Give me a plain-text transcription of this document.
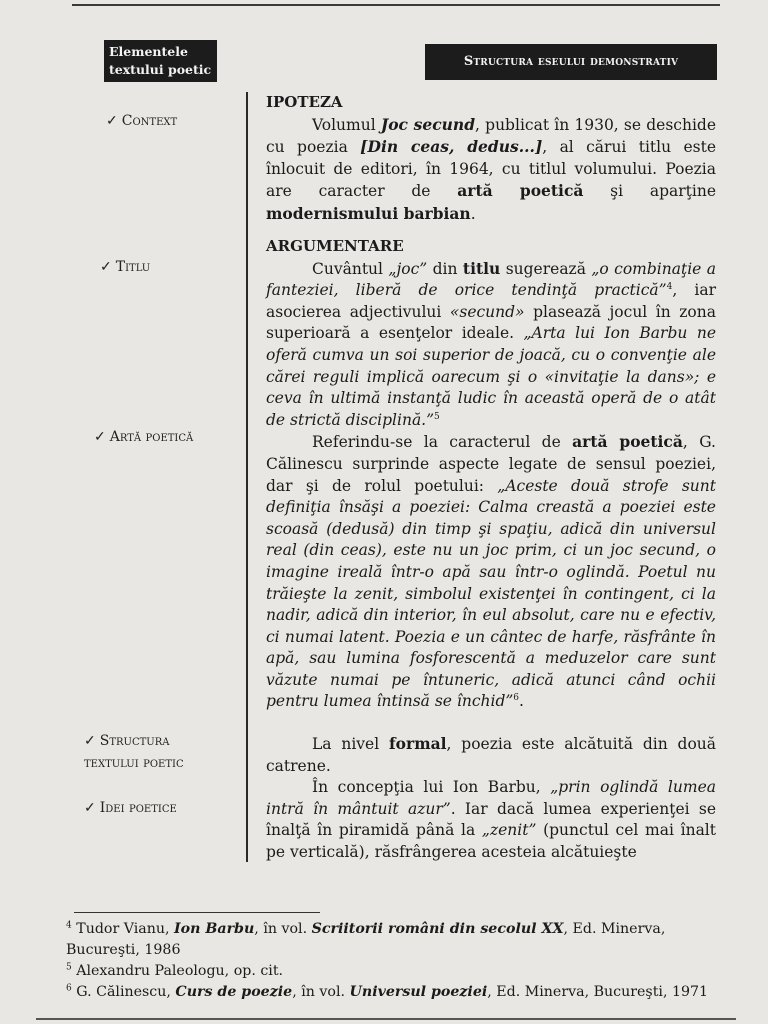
Elementele
textului poetic
Structura eseului demonstrativ
✓ Context
✓ Titlu
✓ Artă poetică
✓ Structura
textului poetic
✓ Idei poetice
IPOTEZA

Volumul Joc secund, publicat în 1930, se deschide cu poezia [Din ceas, dedus...], al cărui titlu este înlocuit de editori, în 1964, cu titlul volumului. Poezia are caracter de artă poetică şi aparţine modernismului barbian.

ARGUMENTARE

Cuvântul „joc” din titlu sugerează „o combinaţie a fanteziei, liberă de orice tendinţă practică”$^4$, iar asocierea adjectivului «secund» plasează jocul în zona superioară a esenţelor ideale. „Arta lui Ion Barbu ne oferă cumva un soi superior de joacă, cu o convenţie ale cărei reguli implică oarecum şi o «invitaţie la dans»; e ceva în ultimă instanţă ludic în această operă de o atât de strictă disciplină.”$^5$

Referindu-se la caracterul de artă poetică, G. Călinescu surprinde aspecte legate de sensul poeziei, dar şi de rolul poetului: „Aceste două strofe sunt definiţia însăşi a poeziei: Calma creastă a poeziei este scoasă (dedusă) din timp şi spaţiu, adică din universul real (din ceas), este nu un joc prim, ci un joc secund, o imagine ireală într-o apă sau într-o oglindă. Poetul nu trăieşte la zenit, simbolul existenţei în contingent, ci la nadir, adică din interior, în eul absolut, care nu e efectiv, ci numai latent. Poezia e un cântec de harfe, răsfrânte în apă, sau lumina fosforescentă a meduzelor care sunt văzute numai pe întuneric, adică atunci când ochii pentru lumea întinsă se închid”$^6$.

La nivel formal, poezia este alcătuită din două catrene.

În concepţia lui Ion Barbu, „prin oglindă lumea intră în mântuit azur”. Iar dacă lumea experienţei se înalţă în piramidă până la „zenit” (punctul cel mai înalt pe verticală), răsfrângerea acesteia alcătuieşte

$^4$ Tudor Vianu, Ion Barbu, în vol. Scriitorii români din secolul XX, Ed. Minerva, Bucureşti, 1986
$^5$ Alexandru Paleologu, op. cit.
$^6$ G. Călinescu, Curs de poezie, în vol. Universul poeziei, Ed. Minerva, Bucureşti, 1971
